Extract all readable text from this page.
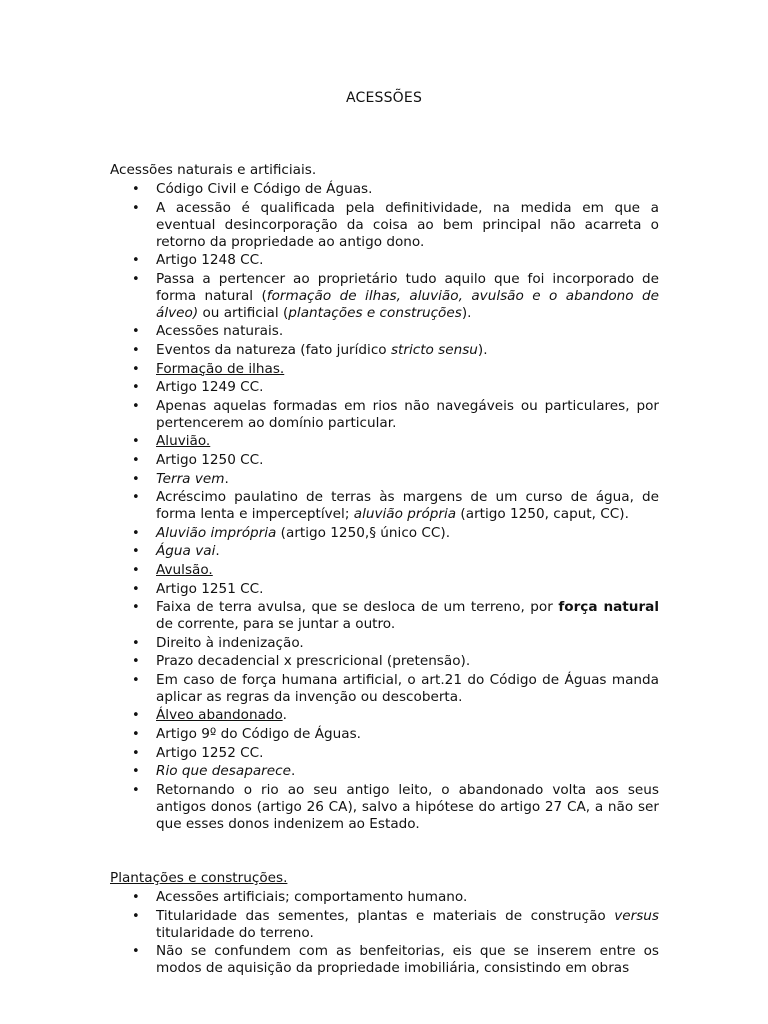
ACESSÕES
Acessões naturais e artificiais.
• Código Civil e Código de Águas.
• A acessão é qualificada pela definitividade, na medida em que a eventual desincorporação da coisa ao bem principal não acarreta o retorno da propriedade ao antigo dono.
• Artigo 1248 CC.
• Passa a pertencer ao proprietário tudo aquilo que foi incorporado de forma natural (formação de ilhas, aluvião, avulsão e o abandono de álveo) ou artificial (plantações e construções).
• Acessões naturais.
• Eventos da natureza (fato jurídico stricto sensu).
• Formação de ilhas.
• Artigo 1249 CC.
• Apenas aquelas formadas em rios não navegáveis ou particulares, por pertencerem ao domínio particular.
• Aluvião.
• Artigo 1250 CC.
• Terra vem.
• Acréscimo paulatino de terras às margens de um curso de água, de forma lenta e imperceptível; aluvião própria (artigo 1250, caput, CC).
• Aluvião imprópria (artigo 1250,§ único CC).
• Água vai.
• Avulsão.
• Artigo 1251 CC.
• Faixa de terra avulsa, que se desloca de um terreno, por força natural de corrente, para se juntar a outro.
• Direito à indenização.
• Prazo decadencial x prescricional (pretensão).
• Em caso de força humana artificial, o art.21 do Código de Águas manda aplicar as regras da invenção ou descoberta.
• Álveo abandonado.
• Artigo 9º do Código de Águas.
• Artigo 1252 CC.
• Rio que desaparece.
• Retornando o rio ao seu antigo leito, o abandonado volta aos seus antigos donos (artigo 26 CA), salvo a hipótese do artigo 27 CA, a não ser que esses donos indenizem ao Estado.
Plantações e construções.
• Acessões artificiais; comportamento humano.
• Titularidade das sementes, plantas e materiais de construção versus titularidade do terreno.
• Não se confundem com as benfeitorias, eis que se inserem entre os modos de aquisição da propriedade imobiliária, consistindo em obras
